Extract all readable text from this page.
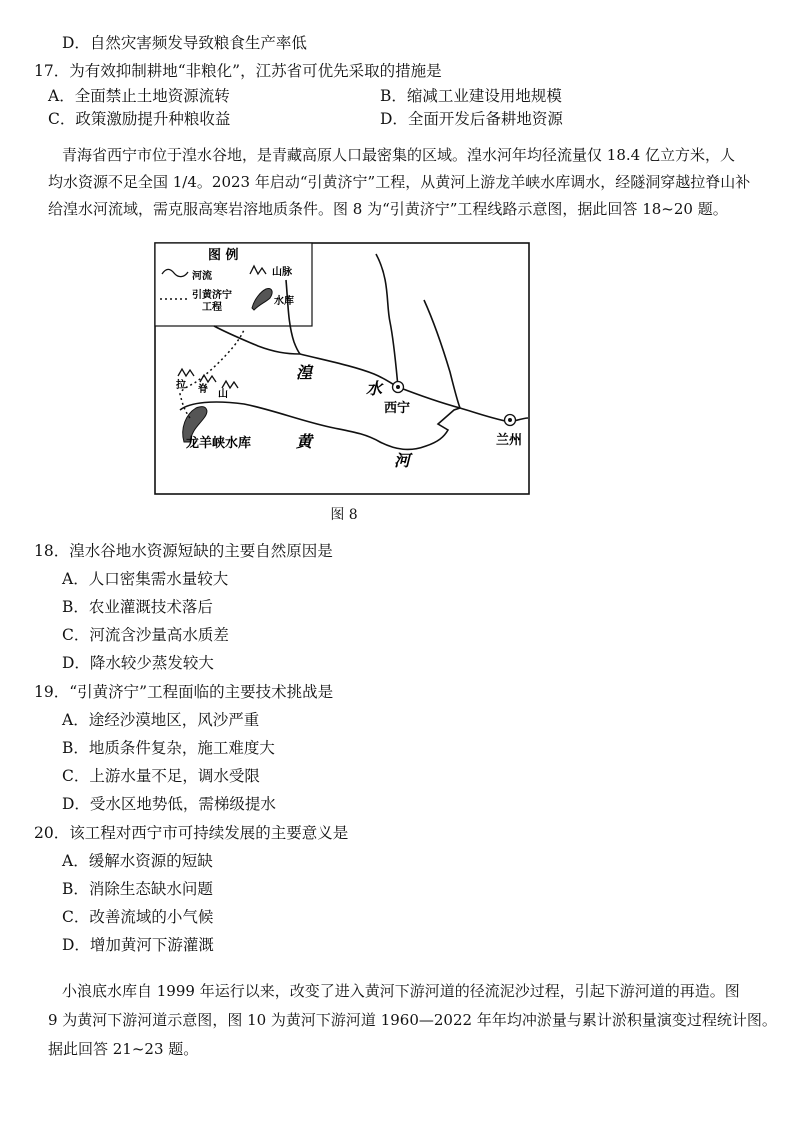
D．自然灾害频发导致粮食生产率低
17．为有效抑制耕地“非粮化”，江苏省可优先采取的措施是
A．全面禁止土地资源流转	B．缩减工业建设用地规模
C．政策激励提升种粮收益	D．全面开发后备耕地资源
青海省西宁市位于湟水谷地，是青藏高原人口最密集的区域。湟水河年均径流量仅 18.4 亿立方米，人
均水资源不足全国 1/4。2023 年启动“引黄济宁”工程，从黄河上游龙羊峡水库调水，经隧洞穿越拉脊山补
给湟水河流域，需克服高寒岩溶地质条件。图 8 为“引黄济宁”工程线路示意图，据此回答 18~20 题。
图 例
河流	山脉
引黄济宁
工程
水库
湟
水
西宁
兰州
龙羊峡水库	黄
河
拉 脊 山
图 8
18．湟水谷地水资源短缺的主要自然原因是
A．人口密集需水量较大
B．农业灌溉技术落后
C．河流含沙量高水质差
D．降水较少蒸发较大
19．“引黄济宁”工程面临的主要技术挑战是
A．途经沙漠地区，风沙严重
B．地质条件复杂，施工难度大
C．上游水量不足，调水受限
D．受水区地势低，需梯级提水
20．该工程对西宁市可持续发展的主要意义是
A．缓解水资源的短缺
B．消除生态缺水问题
C．改善流域的小气候
D．增加黄河下游灌溉
小浪底水库自 1999 年运行以来，改变了进入黄河下游河道的径流泥沙过程，引起下游河道的再造。图
9 为黄河下游河道示意图，图 10 为黄河下游河道 1960—2022 年年均冲淤量与累计淤积量演变过程统计图。
据此回答 21~23 题。
